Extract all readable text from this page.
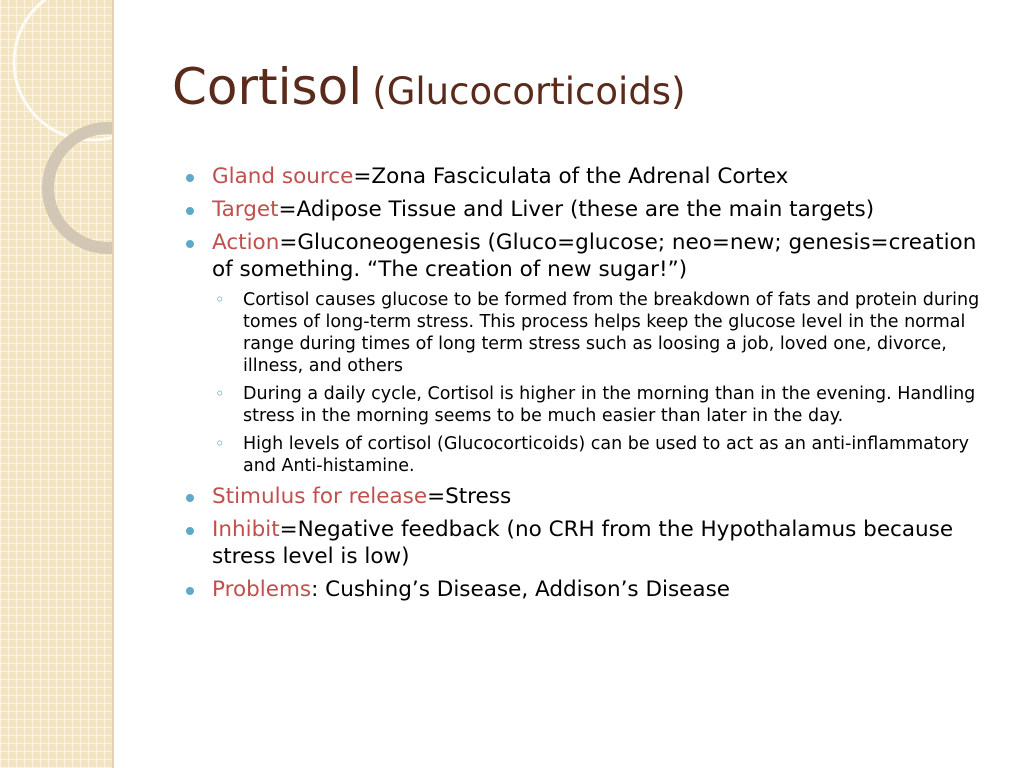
Cortisol (Glucocorticoids)
Gland source=Zona Fasciculata of the Adrenal Cortex
Target=Adipose Tissue and Liver (these are the main targets)
Action=Gluconeogenesis (Gluco=glucose; neo=new; genesis=creation of something. “The creation of new sugar!”)
◦ Cortisol causes glucose to be formed from the breakdown of fats and protein during tomes of long-term stress. This process helps keep the glucose level in the normal range during times of long term stress such as loosing a job, loved one, divorce, illness, and others
◦ During a daily cycle, Cortisol is higher in the morning than in the evening. Handling stress in the morning seems to be much easier than later in the day.
◦ High levels of cortisol (Glucocorticoids) can be used to act as an anti-inflammatory and Anti-histamine.
Stimulus for release=Stress
Inhibit=Negative feedback (no CRH from the Hypothalamus because stress level is low)
Problems: Cushing’s Disease, Addison’s Disease
